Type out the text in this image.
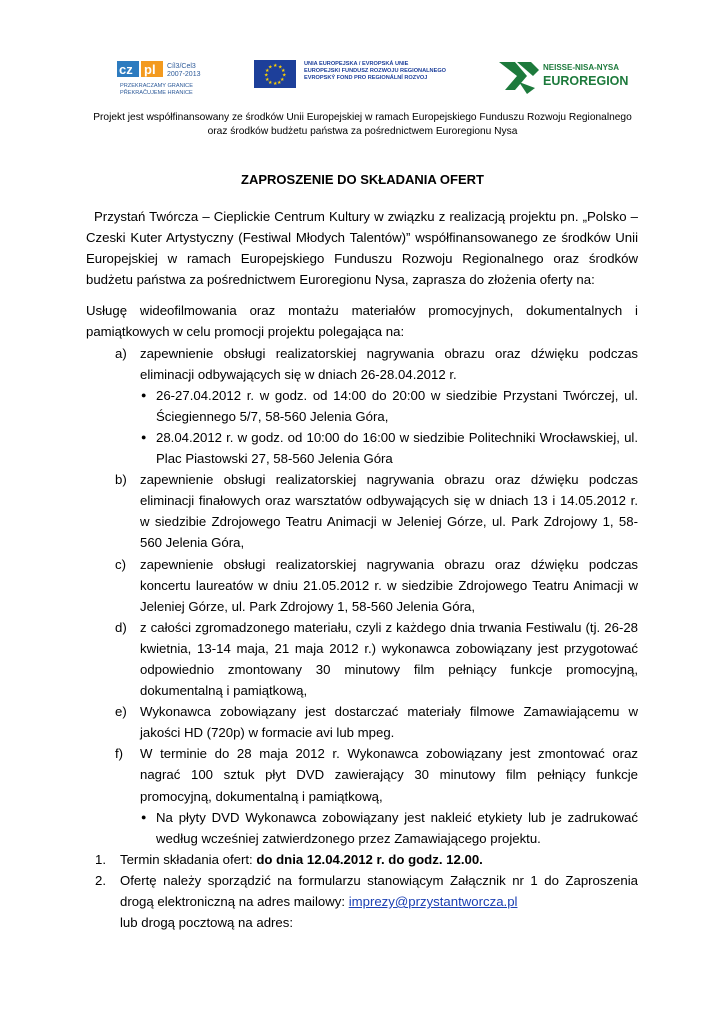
cz pl Cíl3/Cel3
2007-2013
PRZEKRACZAMY GRANICE
PŘEKRAČUJEME HRANICE
★ ★
★
★
★
★
★
★
★
★
★
★
UNIA EUROPEJSKA / EVROPSKÁ UNIE
EUROPEJSKI FUNDUSZ ROZWOJU REGIONALNEGO
EVROPSKÝ FOND PRO REGIONÁLNÍ ROZVOJ
NEISSE-NISA-NYSA
EUROREGION
Projekt jest współfinansowany ze środków Unii Europejskiej w ramach Europejskiego Funduszu Rozwoju Regionalnego
oraz środków budżetu państwa za pośrednictwem Euroregionu Nysa
ZAPROSZENIE DO SKŁADANIA OFERT

Przystań Twórcza – Cieplickie Centrum Kultury w związku z realizacją projektu pn. „Polsko – Czeski Kuter Artystyczny (Festiwal Młodych Talentów)” współfinansowanego ze środków Unii Europejskiej w ramach Europejskiego Funduszu Rozwoju Regionalnego oraz środków budżetu państwa za pośrednictwem Euroregionu Nysa, zaprasza do złożenia oferty na:

Usługę wideofilmowania oraz montażu materiałów promocyjnych, dokumentalnych i pamiątkowych w celu promocji projektu polegająca na:

a) zapewnienie obsługi realizatorskiej nagrywania obrazu oraz dźwięku podczas eliminacji odbywających się w dniach 26-28.04.2012 r.
● 26-27.04.2012 r. w godz. od 14:00 do 20:00 w siedzibie Przystani Twórczej, ul. Ściegiennego 5/7, 58-560 Jelenia Góra,
● 28.04.2012 r. w godz. od 10:00 do 16:00 w siedzibie Politechniki Wrocławskiej, ul. Plac Piastowski 27, 58-560 Jelenia Góra
b) zapewnienie obsługi realizatorskiej nagrywania obrazu oraz dźwięku podczas eliminacji finałowych oraz warsztatów odbywających się w dniach 13 i 14.05.2012 r. w siedzibie Zdrojowego Teatru Animacji w Jeleniej Górze, ul. Park Zdrojowy 1, 58-560 Jelenia Góra,
c) zapewnienie obsługi realizatorskiej nagrywania obrazu oraz dźwięku podczas koncertu laureatów w dniu 21.05.2012 r. w siedzibie Zdrojowego Teatru Animacji w Jeleniej Górze, ul. Park Zdrojowy 1, 58-560 Jelenia Góra,
d) z całości zgromadzonego materiału, czyli z każdego dnia trwania Festiwalu (tj. 26-28 kwietnia, 13-14 maja, 21 maja 2012 r.) wykonawca zobowiązany jest przygotować odpowiednio zmontowany 30 minutowy film pełniący funkcje promocyjną, dokumentalną i pamiątkową,
e) Wykonawca zobowiązany jest dostarczać materiały filmowe Zamawiającemu w jakości HD (720p) w formacie avi lub mpeg.
f) W terminie do 28 maja 2012 r. Wykonawca zobowiązany jest zmontować oraz nagrać 100 sztuk płyt DVD zawierający 30 minutowy film pełniący funkcje promocyjną, dokumentalną i pamiątkową,
● Na płyty DVD Wykonawca zobowiązany jest nakleić etykiety lub je zadrukować według wcześniej zatwierdzonego przez Zamawiającego projektu.
1. Termin składania ofert: do dnia 12.04.2012 r. do godz. 12.00.
2. Ofertę należy sporządzić na formularzu stanowiącym Załącznik nr 1 do Zaproszenia drogą elektroniczną na adres mailowy: imprezy@przystantworcza.pl
lub drogą pocztową na adres:
